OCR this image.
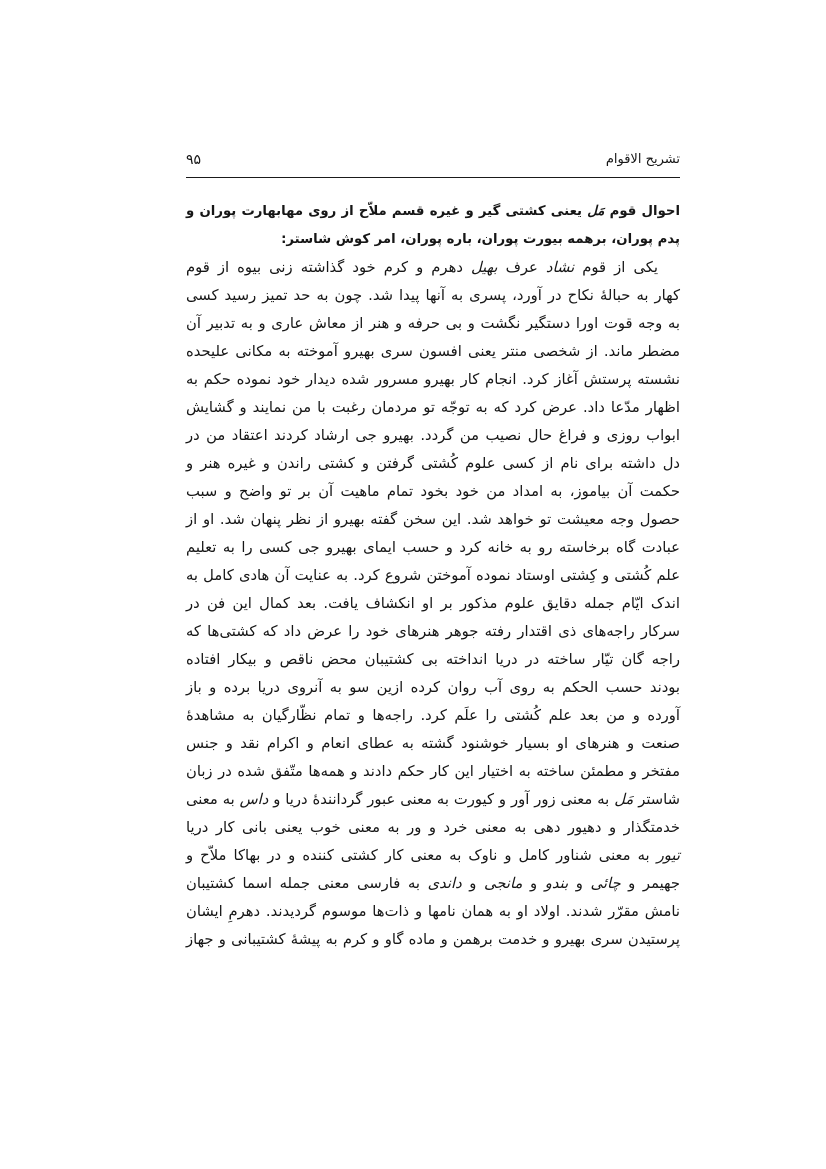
تشریح الاقوام
۹۵
احوال قوم مَل یعنی کشتی گیر و غیره قسم ملاّح از روی مهابهارت پوران و
پدم پوران، برهمه بیورت پوران، باره پوران، امر کوش شاستر:
یکی از قوم نشاد عرف بهیل دهرم و کرم خود گذاشته زنی بیوه از قوم
کهار به حبالهٔ نکاح در آورد، پسری به آنها پیدا شد. چون به حد تمیز رسید کسی
به وجه قوت اورا دستگیر نگشت و بی حرفه و هنر از معاش عاری و به تدبیر آن
مضطر ماند. از شخصی منتر یعنی افسون سری بهیرو آموخته به مکانی علیحده
نشسته پرستش آغاز کرد. انجام کار بهیرو مسرور شده دیدار خود نموده حکم به
اظهار مدّعا داد. عرض کرد که به توجّه تو مردمان رغبت با من نمایند و گشایش
ابواب روزی و فراغ حال نصیب من گردد. بهیرو جی ارشاد کردند اعتقاد من در
دل داشته برای نام از کسی علوم کُشتی گرفتن و کشتی راندن و غیره هنر و
حکمت آن بیاموز، به امداد من خود بخود تمام ماهیت آن بر تو واضح و سبب
حصول وجه معیشت تو خواهد شد. این سخن گفته بهیرو از نظر پنهان شد. او از
عبادت گاه برخاسته رو به خانه کرد و حسب ایمای بهیرو جی کسی را به تعلیم
علم کُشتی و کِشتی اوستاد نموده آموختن شروع کرد. به عنایت آن هادی کامل به
اندک ایّام جمله دقایق علوم مذکور بر او انکشاف یافت. بعد کمال این فن در
سرکار راجه‌های ذی اقتدار رفته جوهر هنرهای خود را عرض داد که کشتی‌ها که
راجه گان تیّار ساخته در دریا انداخته بی کشتیبان محض ناقص و بیکار افتاده
بودند حسب الحکم به روی آب روان کرده ازین سو به آنروی دریا برده و باز
آورده و من بعد علم کُشتی را علَم کرد. راجه‌ها و تمام نظّارگیان به مشاهدهٔ
صنعت و هنرهای او بسیار خوشنود گشته به عطای انعام و اکرام نقد و جنس
مفتخر و مطمئن ساخته به اختیار این کار حکم دادند و همه‌ها متّفق شده در زبان
شاستر مَل به معنی زور آور و کیورت به معنی عبور گردانندهٔ دریا و داس به معنی
خدمتگذار و دهیور دهی به معنی خرد و ور به معنی خوب یعنی بانی کار دریا
تیور به معنی شناور کامل و ناوک به معنی کار کشتی کننده و در بهاکا ملاّح و
جهیمر و چائی و بندو و مانجی و داندی به فارسی معنی جمله اسما کشتیبان
نامش مقرّر شدند. اولاد او به همان نامها و ذات‌ها موسوم گردیدند. دهرمِ ایشان
پرستیدن سری بهیرو و خدمت برهمن و ماده گاو و کرم به پیشهٔ کشتیبانی و جهاز
